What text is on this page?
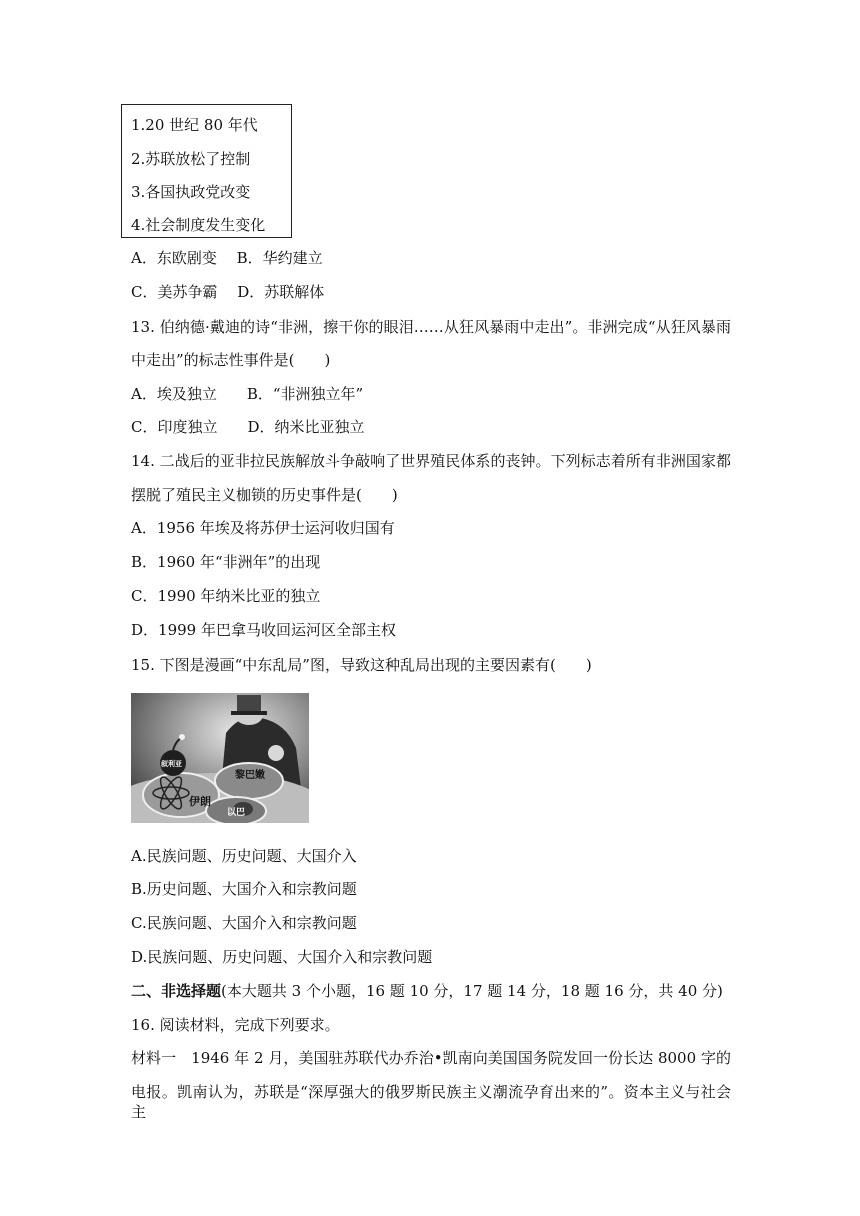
1.20 世纪 80 年代
2.苏联放松了控制
3.各国执政党改变
4.社会制度发生变化
A．东欧剧变　 B．华约建立
C．美苏争霸　 D．苏联解体
13. 伯纳德·戴迪的诗“非洲，擦干你的眼泪……从狂风暴雨中走出”。非洲完成“从狂风暴雨
中走出”的标志性事件是(　　)
A．埃及独立　　B．“非洲独立年”
C．印度独立　　D．纳米比亚独立
14. 二战后的亚非拉民族解放斗争敲响了世界殖民体系的丧钟。下列标志着所有非洲国家都
摆脱了殖民主义枷锁的历史事件是(　　)
A．1956 年埃及将苏伊士运河收归国有
B．1960 年“非洲年”的出现
C．1990 年纳米比亚的独立
D．1999 年巴拿马收回运河区全部主权
15. 下图是漫画“中东乱局”图，导致这种乱局出现的主要因素有(　　)
伊朗
黎巴嫩
以巴
叙利亚
A.民族问题、历史问题、大国介入
B.历史问题、大国介入和宗教问题
C.民族问题、大国介入和宗教问题
D.民族问题、历史问题、大国介入和宗教问题
二、非选择题(本大题共 3 个小题，16 题 10 分，17 题 14 分，18 题 16 分，共 40 分)
16. 阅读材料，完成下列要求。
材料一　1946 年 2 月，美国驻苏联代办乔治•凯南向美国国务院发回一份长达 8000 字的
电报。凯南认为，苏联是“深厚强大的俄罗斯民族主义潮流孕育出来的”。资本主义与社会主
